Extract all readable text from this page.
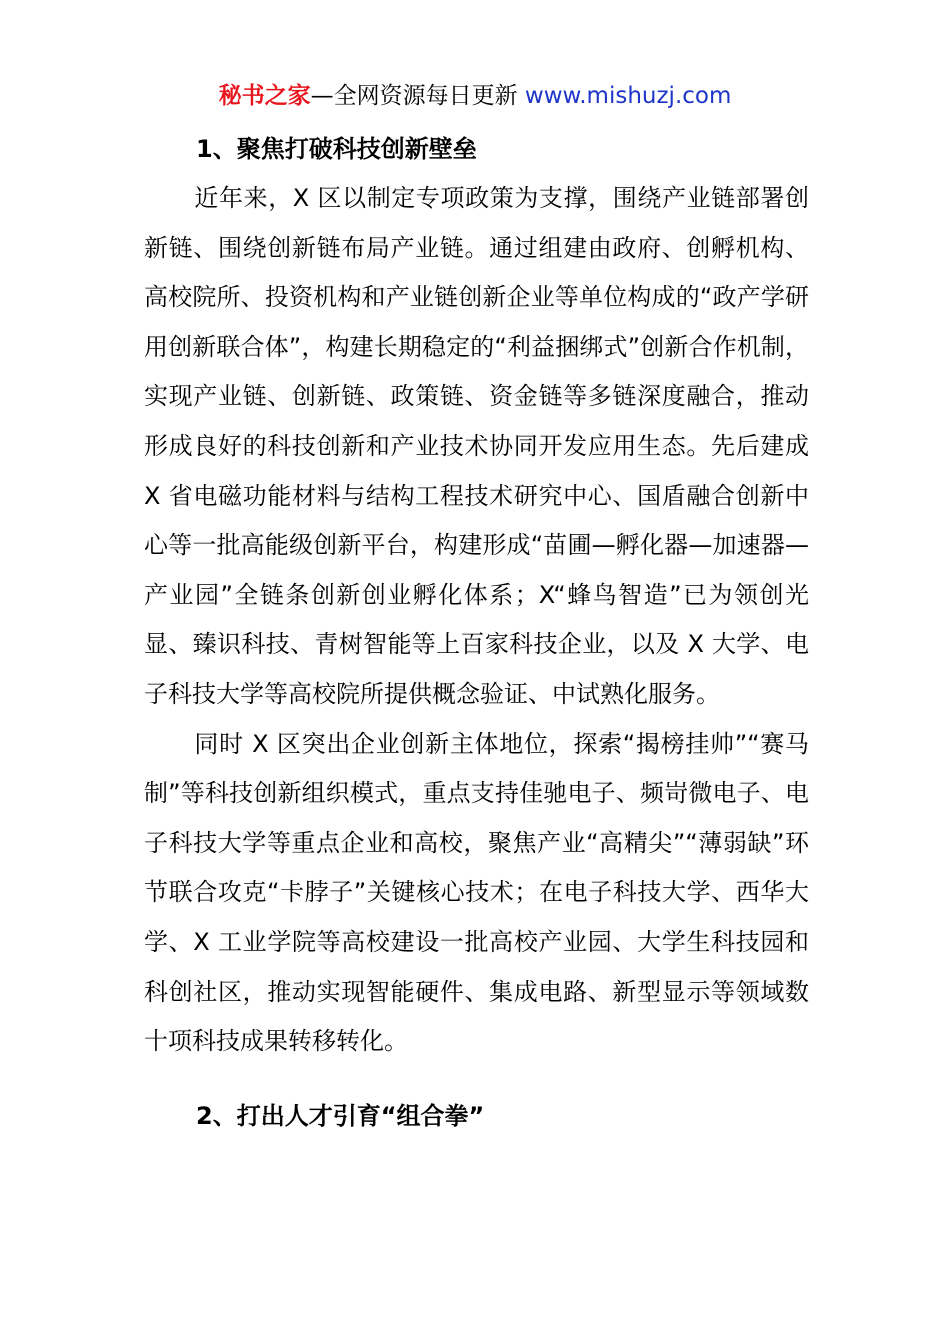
秘书之家—全网资源每日更新 www.mishuzj.com
1、聚焦打破科技创新壁垒

近年来，X 区以制定专项政策为支撑，围绕产业链部署创新链、围绕创新链布局产业链。通过组建由政府、创孵机构、高校院所、投资机构和产业链创新企业等单位构成的“政产学研用创新联合体”，构建长期稳定的“利益捆绑式”创新合作机制，实现产业链、创新链、政策链、资金链等多链深度融合，推动形成良好的科技创新和产业技术协同开发应用生态。先后建成 X 省电磁功能材料与结构工程技术研究中心、国盾融合创新中心等一批高能级创新平台，构建形成“苗圃—孵化器—加速器—产业园”全链条创新创业孵化体系；X“蜂鸟智造”已为领创光显、臻识科技、青树智能等上百家科技企业，以及 X 大学、电子科技大学等高校院所提供概念验证、中试熟化服务。

同时 X 区突出企业创新主体地位，探索“揭榜挂帅”“赛马制”等科技创新组织模式，重点支持佳驰电子、频岢微电子、电子科技大学等重点企业和高校，聚焦产业“高精尖”“薄弱缺”环节联合攻克“卡脖子”关键核心技术；在电子科技大学、西华大学、X 工业学院等高校建设一批高校产业园、大学生科技园和科创社区，推动实现智能硬件、集成电路、新型显示等领域数十项科技成果转移转化。

2、打出人才引育“组合拳”
